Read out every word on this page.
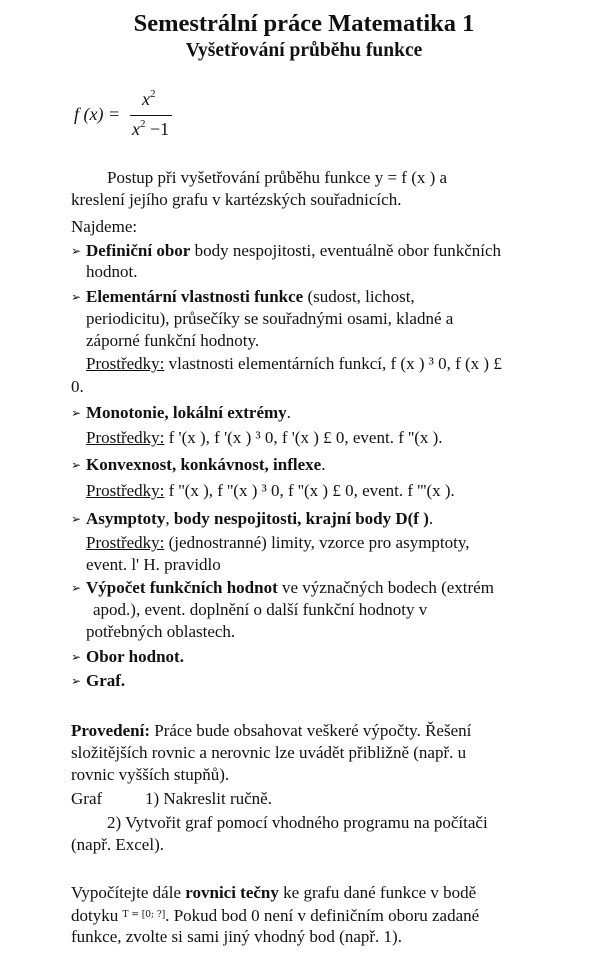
Semestrální práce Matematika 1
Vyšetřování průběhu funkce
f (x) =
$x^2$
$x^2 -1$
Postup při vyšetřování průběhu funkce y = f (x ) a
kreslení jejího grafu v kartézských souřadnicích.
Najdeme:
➢ Definiční obor body nespojitosti, eventuálně obor funkčních
hodnot.
➢ Elementární vlastnosti funkce (sudost, lichost,
periodicitu), průsečíky se souřadnými osami, kladné a
záporné funkční hodnoty.
Prostředky: vlastnosti elementárních funkcí, f (x ) ³ 0, f (x ) £
0.
➢ Monotonie, lokální extrémy.
Prostředky: f '(x ), f '(x ) ³ 0, f '(x ) £ 0, event. f ''(x ).
➢ Konvexnost, konkávnost, inflexe.
Prostředky: f ''(x ), f ''(x ) ³ 0, f ''(x ) £ 0, event. f '''(x ).
➢ Asymptoty, body nespojitosti, krajní body D(f ).
Prostředky: (jednostranné) limity, vzorce pro asymptoty,
event. l' H. pravidlo
➢ Výpočet funkčních hodnot ve význačných bodech (extrém
apod.), event. doplnění o další funkční hodnoty v
potřebných oblastech.
➢ Obor hodnot.
➢ Graf.
Provedení: Práce bude obsahovat veškeré výpočty. Řešení
složitějších rovnic a nerovnic lze uvádět přibližně (např. u
rovnic vyšších stupňů).
Graf	1) Nakreslit ručně.
2) Vytvořit graf pomocí vhodného programu na počítači
(např. Excel).
Vypočítejte dále rovnici tečny ke grafu dané funkce v bodě
dotyku $^{T = [0; ?]}$. Pokud bod 0 není v definičním oboru zadané
funkce, zvolte si sami jiný vhodný bod (např. 1).
